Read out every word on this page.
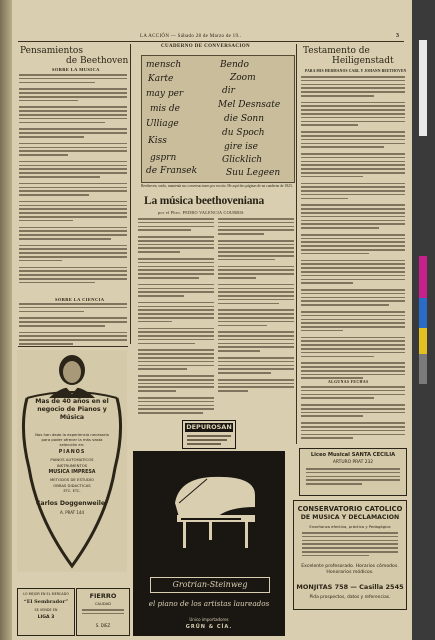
LA ACCIÓN — Sábado 28 de Marzo de 19..	3
Pensamientos
de Beethoven
SOBRE LA MUSICA
SOBRE LA CIENCIA
Mas de 40 años en el negocio de Pianos y Música
Nos han dado la experiencia necesaria para poder ofrecer la más vasta selección en:
PIANOS
PIANOS AUTOMATICOS
INSTRUMENTOS
MUSICA IMPRESA
METODOS DE ESTUDIO
OBRAS DIDACTICAS
ETC. ETC.
Carlos Doggenweiler
A. PRAT 144
CUADERNO DE CONVERSACION
mensch
Karte
may per
mis de
Ulliage
Kiss
gsprn
de Fransek
Bendo
Zoom
dir
Mel Desnsate
die Sonn
du Spoch
gire ise
Glicklich
Suu Legeen
Beethoven, sordo, mantenía sus conversaciones por escrito. He aquí dos páginas de un cuaderno de 1823.
La música beethoveniana
por el Pbro. PEDRO VALENCIA COURBIS
DEPUROSAN
Grotrian-Steinweg
el piano de los artistas laureados
Unico importadores
GRÜN & CÍA.
Testamento de
Heiligenstadt
PARA MIS HERMANOS CARL Y JOHANN BEETHOVEN
ALGUNAS FECHAS
Liceo Musical SANTA CECILIA
ARTURO PRAT 232
CONSERVATORIO CATOLICO
DE MUSICA Y DECLAMACION
Enseñanza efectiva, práctica y Pedagógica
Excelente profesorado. Horarios cómodos. Honorarios módicos.
MONJITAS 758 — Casilla 2545
Pida prospectos, datos y referencias.
LO MEJOR EN EL MERCADO
“El Sembrador”
SE VENDE EN
LIGA 3
FIERRO
CALIDAD
S. DIEZ
